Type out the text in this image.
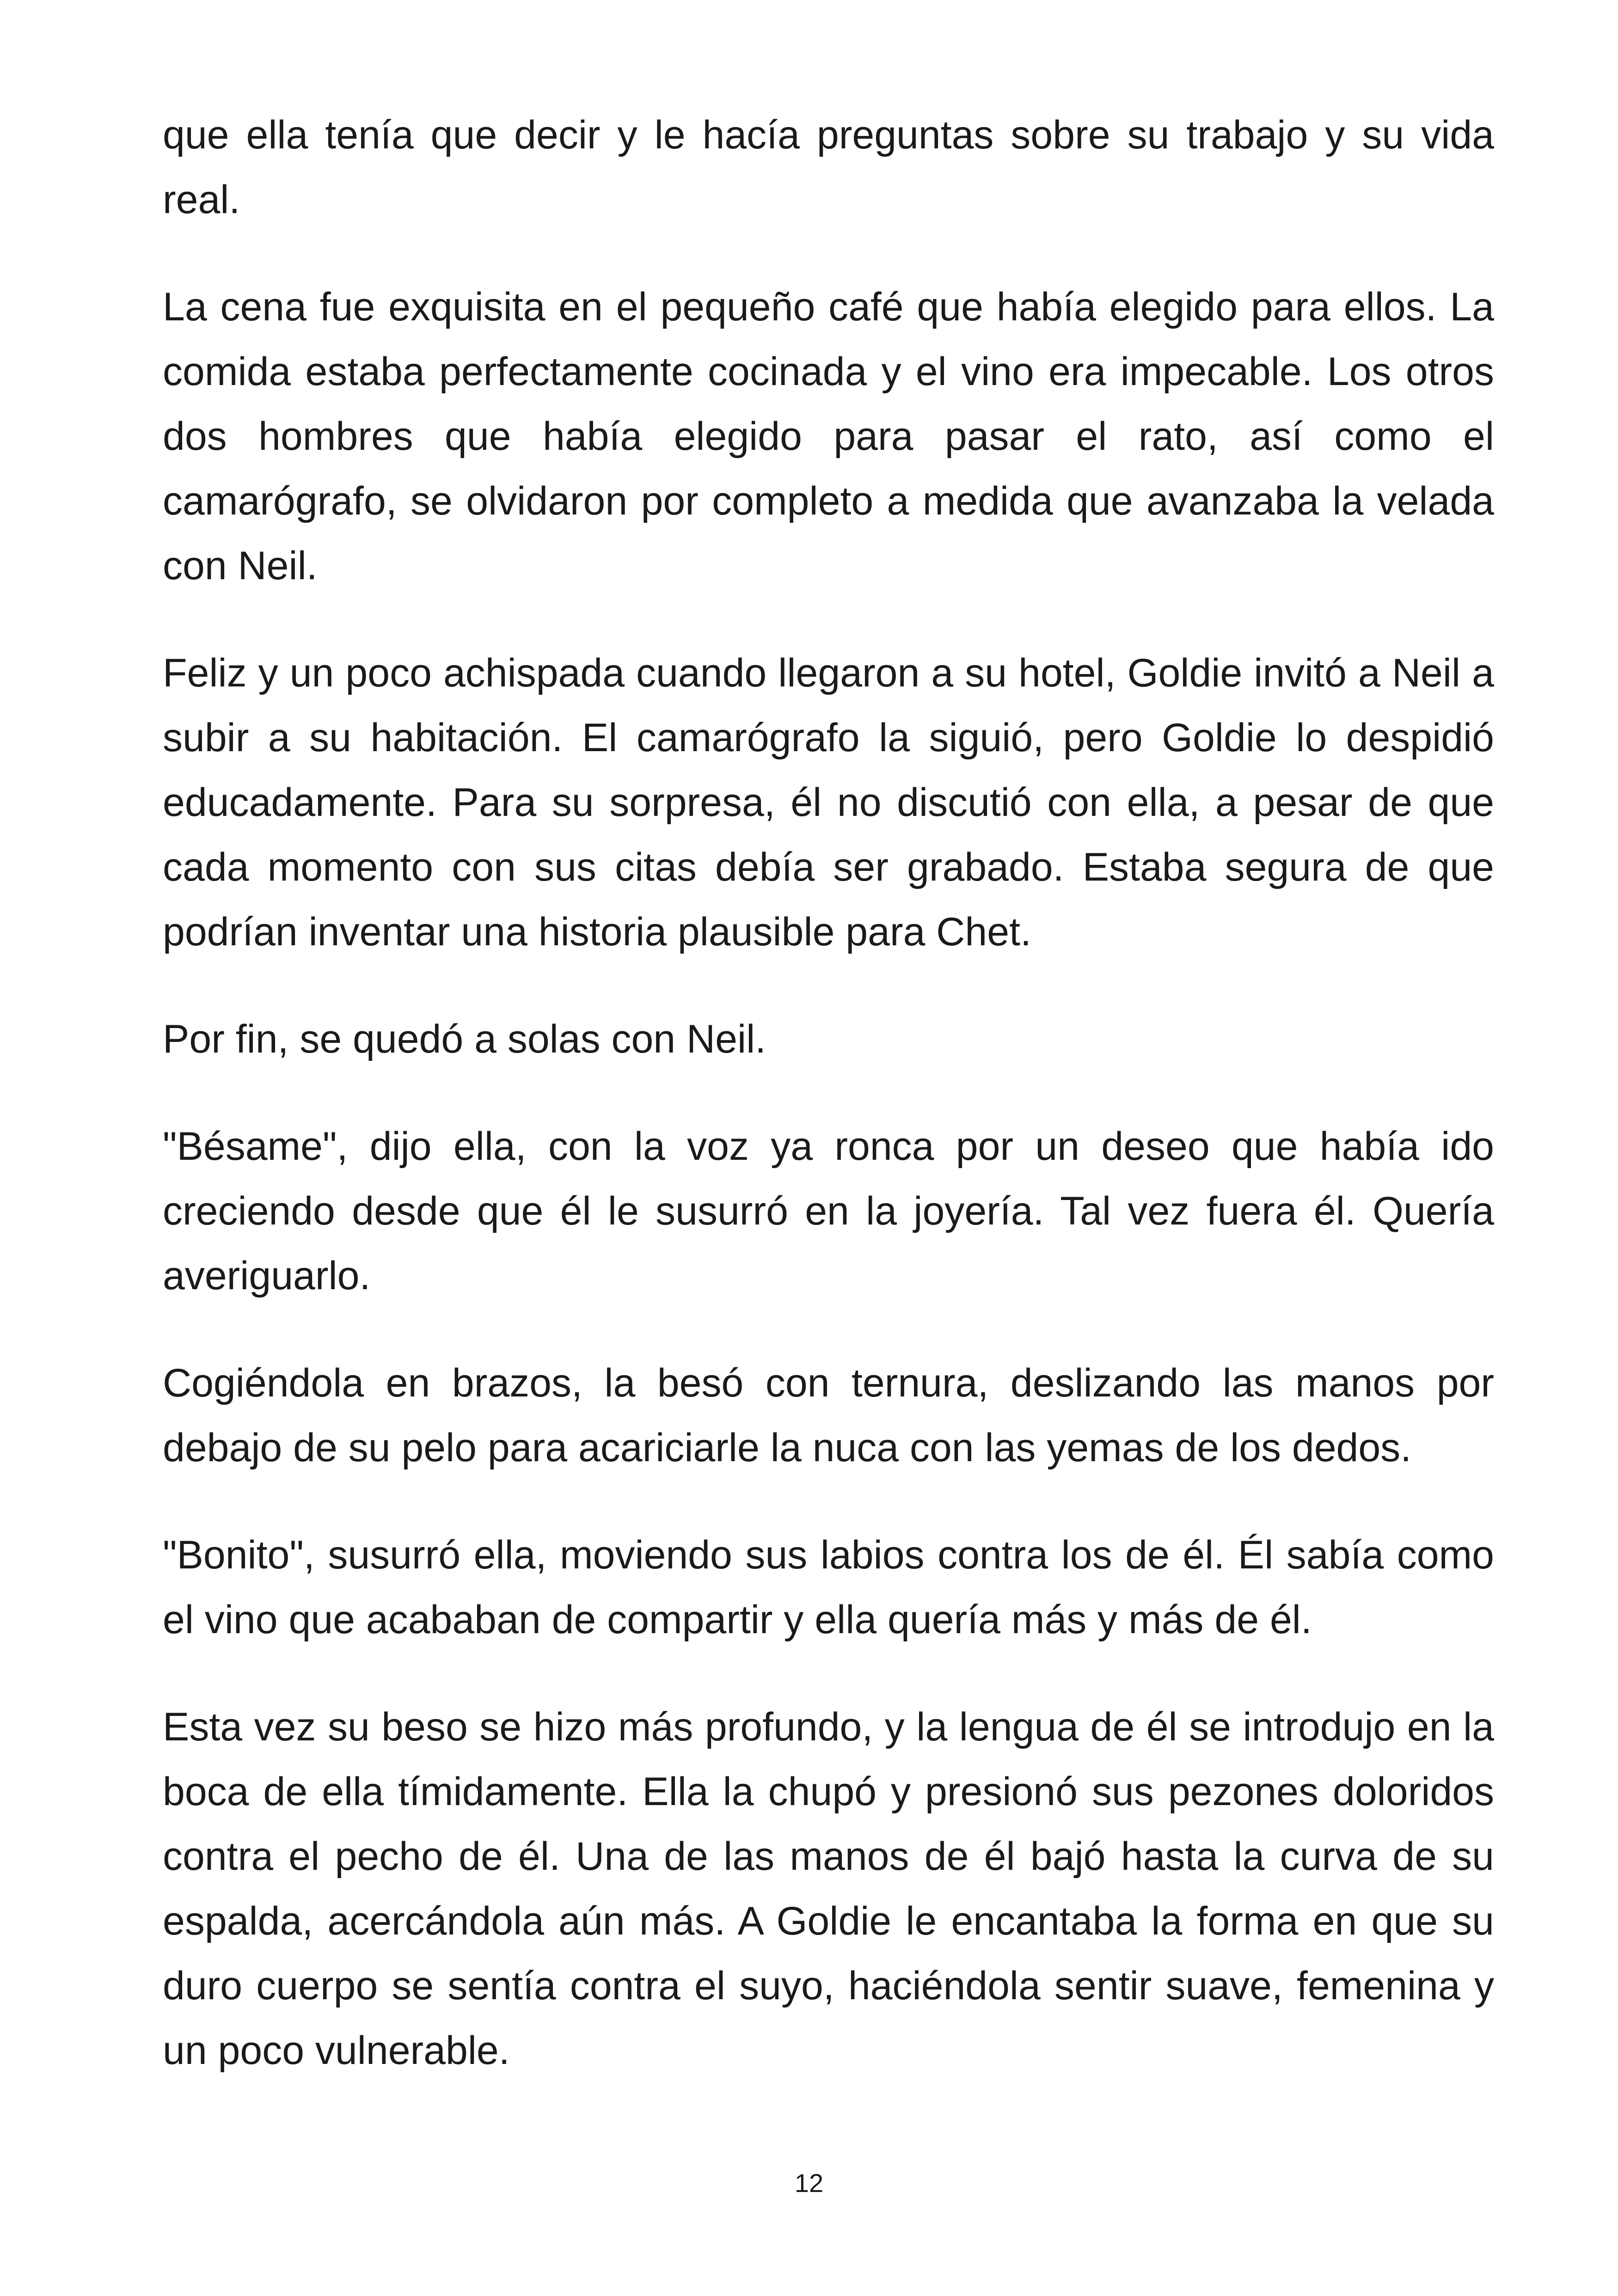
que ella tenía que decir y le hacía preguntas sobre su trabajo y su vida real.

La cena fue exquisita en el pequeño café que había elegido para ellos. La comida estaba perfectamente cocinada y el vino era impecable. Los otros dos hombres que había elegido para pasar el rato, así como el camarógrafo, se olvidaron por completo a medida que avanzaba la velada con Neil.

Feliz y un poco achispada cuando llegaron a su hotel, Goldie invitó a Neil a subir a su habitación. El camarógrafo la siguió, pero Goldie lo despidió educadamente. Para su sorpresa, él no discutió con ella, a pesar de que cada momento con sus citas debía ser grabado. Estaba segura de que podrían inventar una historia plausible para Chet.

Por fin, se quedó a solas con Neil.

"Bésame", dijo ella, con la voz ya ronca por un deseo que había ido creciendo desde que él le susurró en la joyería. Tal vez fuera él. Quería averiguarlo.

Cogiéndola en brazos, la besó con ternura, deslizando las manos por debajo de su pelo para acariciarle la nuca con las yemas de los dedos.

"Bonito", susurró ella, moviendo sus labios contra los de él. Él sabía como el vino que acababan de compartir y ella quería más y más de él.

Esta vez su beso se hizo más profundo, y la lengua de él se introdujo en la boca de ella tímidamente. Ella la chupó y presionó sus pezones doloridos contra el pecho de él. Una de las manos de él bajó hasta la curva de su espalda, acercándola aún más. A Goldie le encantaba la forma en que su duro cuerpo se sentía contra el suyo, haciéndola sentir suave, femenina y un poco vulnerable.

12
